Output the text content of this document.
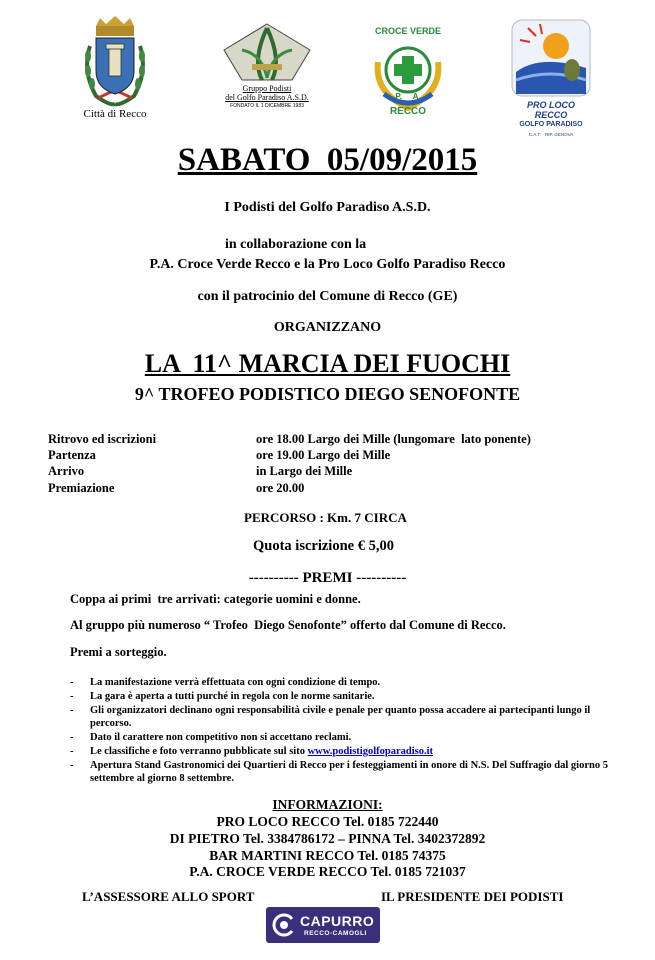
Città di Recco
Gruppo Podisti
del Golfo Paradiso A.S.D.
FONDATO IL 1 DICEMBRE 1983
CROCE VERDE
P.     A.
RECCO
PRO LOCO RECCO
GOLFO PARADISO
C.A.T. · RIP. GENOVA
SABATO  05/09/2015
I Podisti del Golfo Paradiso A.S.D.
in collaborazione con la
P.A. Croce Verde Recco e la Pro Loco Golfo Paradiso Recco
con il patrocinio del Comune di Recco (GE)
ORGANIZZANO
LA  11^ MARCIA DEI FUOCHI
9^ TROFEO PODISTICO DIEGO SENOFONTE
Ritrovo ed iscrizioni	ore 18.00 Largo dei Mille (lungomare  lato ponente)
Partenza	ore 19.00 Largo dei Mille
Arrivo	in Largo dei Mille
Premiazione	ore 20.00
PERCORSO : Km. 7 CIRCA
Quota iscrizione € 5,00
---------- PREMI ----------
Coppa ai primi  tre arrivati: categorie uomini e donne.
Al gruppo più numeroso “ Trofeo  Diego Senofonte” offerto dal Comune di Recco.
Premi a sorteggio.
- La manifestazione verrà effettuata con ogni condizione di tempo.
- La gara è aperta a tutti purché in regola con le norme sanitarie.
- Gli organizzatori declinano ogni responsabilità civile e penale per quanto possa accadere ai partecipanti lungo il percorso.
- Dato il carattere non competitivo non si accettano reclami.
- Le classifiche e foto verranno pubblicate sul sito www.podistigolfoparadiso.it
- Apertura Stand Gastronomici dei Quartieri di Recco per i festeggiamenti in onore di N.S. Del Suffragio dal giorno 5 settembre al giorno 8 settembre.
INFORMAZIONI:
PRO LOCO RECCO Tel. 0185 722440
DI PIETRO Tel. 3384786172 – PINNA Tel. 3402372892
BAR MARTINI RECCO Tel. 0185 74375
P.A. CROCE VERDE RECCO Tel. 0185 721037
L’ASSESSORE ALLO SPORT	IL PRESIDENTE DEI PODISTI
CAPURRO
RECCO-CAMOGLI
